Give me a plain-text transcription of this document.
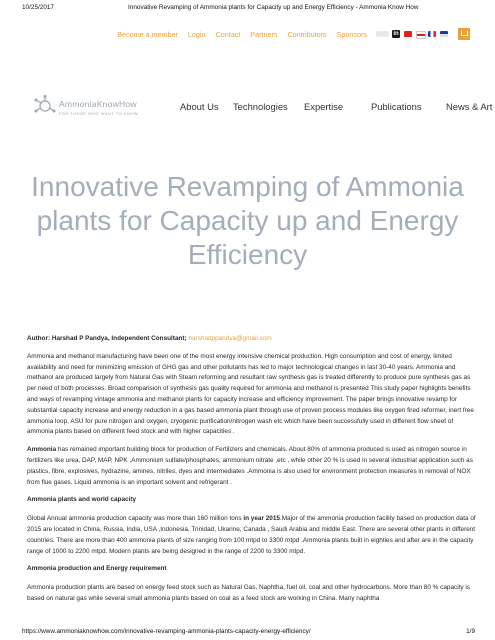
10/25/2017	Innovative Revamping of Ammonia plants for Capacity up and Energy Efficiency - Ammonia Know How
Become a member Login Contact Partners Contributors Sponsors	in
AmmoniaKnowHow
FOR THOSE WHO WANT TO KNOW
About Us Technologies Expertise	Publications	News & Art
Innovative Revamping of Ammonia plants for Capacity up and Energy Efficiency

Author: Harshad P Pandya, Independent Consultant; harshadppandya@gmail.com

Ammonia and methanol manufacturing have been one of the most energy intensive chemical production. High consumption and cost of energy, limited availability and need for minimizing emission of GHG gas and other pollutants has led to major technological changes in last 30-40 years. Ammonia and methanol are produced largely from Natural Gas with Steam reforming and resultant raw synthesis gas is treated differently to produce pure synthesis gas as per need of both processes. Broad comparision of synthesis gas quality required for ammonia and methanol is presented This study paper highlights benefits and ways of revamping vintage ammonia and methanol plants for capacity increase and efficiency improvement. The paper brings innovative revamp for substantial capacity increase and energy reduction in a gas based ammonia plant through use of proven process modules like oxygen fired reformer, inert free ammonia loop, ASU for pure nitrogen and oxygen, cryogenic purification/nitrogen wash etc which have been successfully used in different flow sheet of ammonia plants based on different feed stock and with higher capacities .

Ammonia has remained important building block for production of Fertilizers and chemicals. About 80% of ammonia produced is used as nitrogen source in fertilizers like urea, DAP, MAP, NPK ,Ammonium sulfate/phosphates, ammonium nitrate ,etc , while other 20 % is used in several industrial application such as plastics, fibre, explosives, hydrazine, amines, nitriles, dyes and intermediates .Ammonia is also used for environment protection measures in removal of NOX from flue gases. Liquid ammonia is an important solvent and refrigerant .

Ammonia plants and world capacity

Global Annual ammonia production capacity was more than 160 million tons in year 2015.Major of the ammonia production facility based on production data of 2015 are located in China, Russia, India, USA ,Indonesia, Trinidad, Ukarine, Canada , Saudi Arabia and middle East. There are several other plants in different countries. There are more than 400 ammonia plants of size ranging from 100 mtpd to 3300 mtpd .Ammonia plants built in eighties and after are in the capacity range of 1000 to 2200 mtpd. Modern plants are being designed in the range of 2200 to 3300 mtpd.

Ammonia production and Energy requirement

Ammonia production plants are based on energy feed stock such as Natural Gas, Naphtha, fuel oil, coal and other hydrocarbons. More than 80 % capacity is based on natural gas while several small ammonia plants based on coal as a feed stock are working in China. Many naphtha

https://www.ammoniaknowhow.com/innovative-revamping-ammonia-plants-capacity-energy-efficiency/	1/9
